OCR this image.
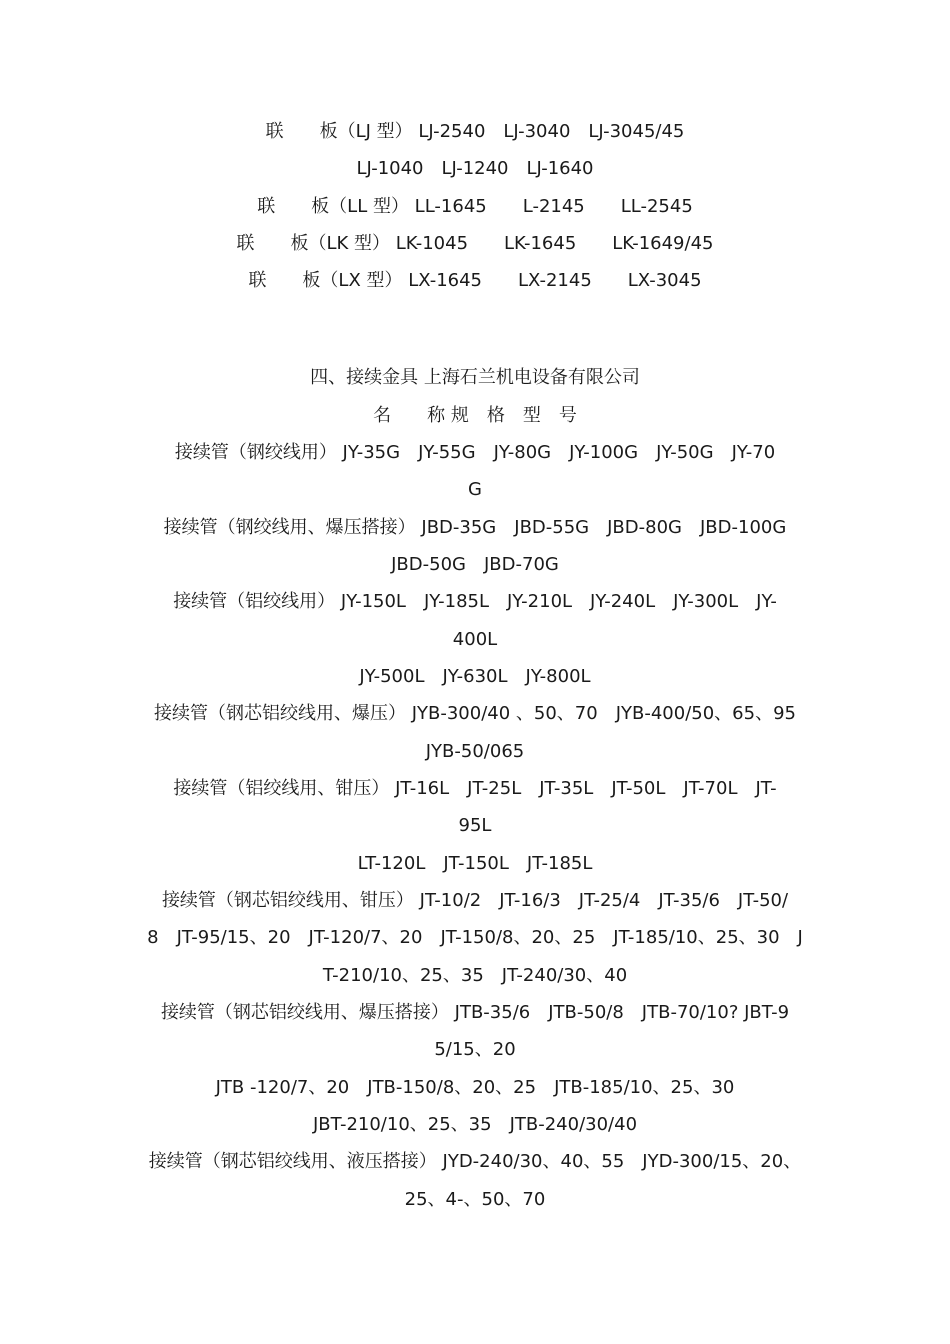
联　　板（LJ 型） LJ-2540　LJ-3040　LJ-3045/45
LJ-1040　LJ-1240　LJ-1640
联　　板（LL 型） LL-1645　　L-2145　　LL-2545
联　　板（LK 型） LK-1045　　LK-1645　　LK-1649/45
联　　板（LX 型） LX-1645　　LX-2145　　LX-3045
四、接续金具 上海石兰机电设备有限公司
名　　称 规　格　型　号
接续管（钢绞线用） JY-35G　JY-55G　JY-80G　JY-100G　JY-50G　JY-70
G
接续管（钢绞线用、爆压搭接） JBD-35G　JBD-55G　JBD-80G　JBD-100G
JBD-50G　JBD-70G
接续管（铝绞线用） JY-150L　JY-185L　JY-210L　JY-240L　JY-300L　JY-
400L
JY-500L　JY-630L　JY-800L
接续管（钢芯铝绞线用、爆压） JYB-300/40 、50、70　JYB-400/50、65、95
JYB-50/065
接续管（铝绞线用、钳压） JT-16L　JT-25L　JT-35L　JT-50L　JT-70L　JT-
95L
LT-120L　JT-150L　JT-185L
接续管（钢芯铝绞线用、钳压） JT-10/2　JT-16/3　JT-25/4　JT-35/6　JT-50/
8　JT-95/15、20　JT-120/7、20　JT-150/8、20、25　JT-185/10、25、30　J
T-210/10、25、35　JT-240/30、40
接续管（钢芯铝绞线用、爆压搭接） JTB-35/6　JTB-50/8　JTB-70/10? JBT-9
5/15、20
JTB -120/7、20　JTB-150/8、20、25　JTB-185/10、25、30
JBT-210/10、25、35　JTB-240/30/40
接续管（钢芯铝绞线用、液压搭接） JYD-240/30、40、55　JYD-300/15、20、
25、4-、50、70
